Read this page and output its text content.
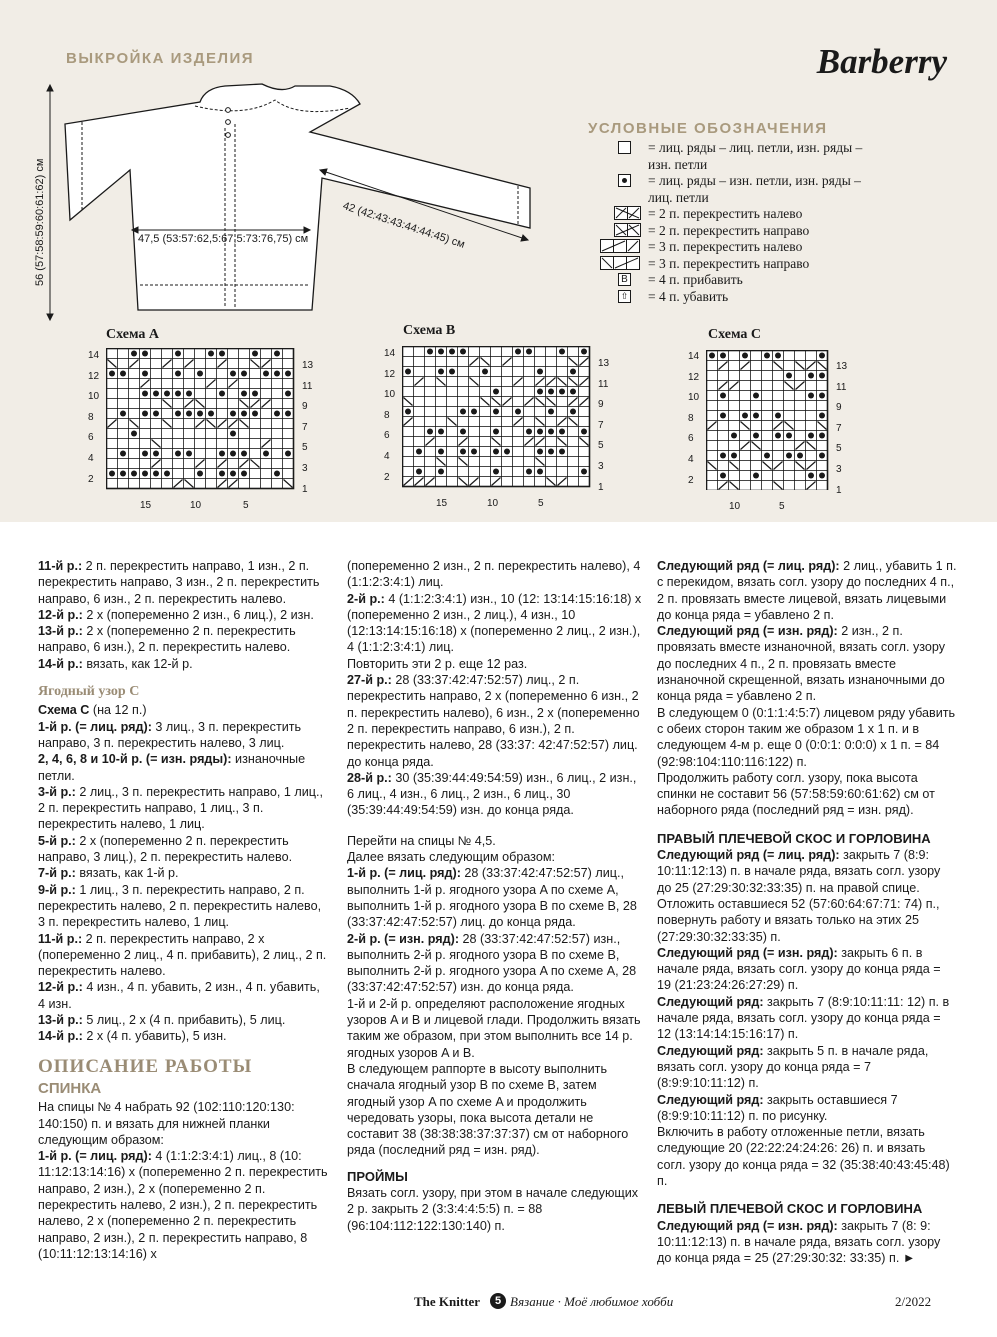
ВЫКРОЙКА ИЗДЕЛИЯ	Barberry
47,5 (53:57:62,5:67,5:73:76,75) см	42 (42:43:43:44:44:45) см
56 (57:58:59:60:61:62) см
УСЛОВНЫЕ ОБОЗНАЧЕНИЯ
= лиц. ряды – лиц. петли, изн. ряды – изн. петли
= лиц. ряды – изн. петли, изн. ряды – лиц. петли
= 2 п. перекрестить налево
= 2 п. перекрестить направо
= 3 п. перекрестить налево
= 3 п. перекрестить направо
B = 4 п. прибавить
⇧ = 4 п. убавить
Схема A	Схема B	Схема C
14
12
10
8
6
4
2
13
11
9
7
5
3
1
15	10	5
14
12
10
8
6
4
2
13
11
9
7
5
3
1
15	10	5
14
12
10
8
6
4
2
13
11
9
7
5
3
1
10	5

11-й р.: 2 п. перекрестить направо, 1 изн., 2 п. перекрестить направо, 3 изн., 2 п. перекрестить направо, 6 изн., 2 п. перекрестить налево.

12-й р.: 2 х (попеременно 2 изн., 6 лиц.), 2 изн.

13-й р.: 2 х (попеременно 2 п. перекрестить направо, 6 изн.), 2 п. перекрестить налево.

14-й р.: вязать, как 12-й р.

Ягодный узор С

Схема С (на 12 п.)

1-й р. (= лиц. ряд): 3 лиц., 3 п. перекрестить направо, 3 п. перекрестить налево, 3 лиц.

2, 4, 6, 8 и 10-й р. (= изн. ряды): изнаночные петли.

3-й р.: 2 лиц., 3 п. перекрестить направо, 1 лиц., 2 п. перекрестить направо, 1 лиц., 3 п. перекрестить налево, 1 лиц.

5-й р.: 2 х (попеременно 2 п. перекрестить направо, 3 лиц.), 2 п. перекрестить налево.

7-й р.: вязать, как 1-й р.

9-й р.: 1 лиц., 3 п. перекрестить направо, 2 п. перекрестить налево, 2 п. перекрестить налево, 3 п. перекрестить налево, 1 лиц.

11-й р.: 2 п. перекрестить направо, 2 х (попеременно 2 лиц., 4 п. прибавить), 2 лиц., 2 п. перекрестить налево.

12-й р.: 4 изн., 4 п. убавить, 2 изн., 4 п. убавить, 4 изн.

13-й р.: 5 лиц., 2 х (4 п. прибавить), 5 лиц.

14-й р.: 2 х (4 п. убавить), 5 изн.

ОПИСАНИЕ РАБОТЫ
СПИНКА

На спицы № 4 набрать 92 (102:110:120:130: 140:150) п. и вязать для нижней планки следующим образом:

1-й р. (= лиц. ряд): 4 (1:1:2:3:4:1) лиц., 8 (10: 11:12:13:14:16) х (попеременно 2 п. перекрестить направо, 2 изн.), 2 х (попеременно 2 п. перекрестить налево, 2 изн.), 2 п. перекрестить налево, 2 х (попеременно 2 п. перекрестить направо, 2 изн.), 2 п. перекрестить направо, 8 (10:11:12:13:14:16) х

(попеременно 2 изн., 2 п. перекрестить налево), 4 (1:1:2:3:4:1) лиц.

2-й р.: 4 (1:1:2:3:4:1) изн., 10 (12: 13:14:15:16:18) х (попеременно 2 изн., 2 лиц.), 4 изн., 10 (12:13:14:15:16:18) х (попеременно 2 лиц., 2 изн.), 4 (1:1:2:3:4:1) лиц.

Повторить эти 2 р. еще 12 раз.

27-й р.: 28 (33:37:42:47:52:57) лиц., 2 п. перекрестить направо, 2 х (попеременно 6 изн., 2 п. перекрестить налево), 6 изн., 2 х (попеременно 2 п. перекрестить направо, 6 изн.), 2 п. перекрестить налево, 28 (33:37: 42:47:52:57) лиц. до конца ряда.

28-й р.: 30 (35:39:44:49:54:59) изн., 6 лиц., 2 изн., 6 лиц., 4 изн., 6 лиц., 2 изн., 6 лиц., 30 (35:39:44:49:54:59) изн. до конца ряда.

Перейти на спицы № 4,5.

Далее вязать следующим образом:

1-й р. (= лиц. ряд): 28 (33:37:42:47:52:57) лиц., выполнить 1-й р. ягодного узора A по схеме A, выполнить 1-й р. ягодного узора B по схеме B, 28 (33:37:42:47:52:57) лиц. до конца ряда.

2-й р. (= изн. ряд): 28 (33:37:42:47:52:57) изн., выполнить 2-й р. ягодного узора B по схеме B, выполнить 2-й р. ягодного узора A по схеме A, 28 (33:37:42:47:52:57) изн. до конца ряда.

1-й и 2-й р. определяют расположение ягодных узоров A и B и лицевой глади. Продолжить вязать таким же образом, при этом выполнить все 14 р. ягодных узоров A и B.

В следующем раппорте в высоту выполнить сначала ягодный узор B по схеме B, затем ягодный узор A по схеме A и продолжить чередовать узоры, пока высота детали не составит 38 (38:38:38:37:37:37) см от наборного ряда (последний ряд = изн. ряд).

ПРОЙМЫ

Вязать согл. узору, при этом в начале следующих 2 р. закрыть 2 (3:3:4:4:5:5) п. = 88 (96:104:112:122:130:140) п.

Следующий ряд (= лиц. ряд): 2 лиц., убавить 1 п. с перекидом, вязать согл. узору до последних 4 п., 2 п. провязать вместе лицевой, вязать лицевыми до конца ряда = убавлено 2 п.

Следующий ряд (= изн. ряд): 2 изн., 2 п. провязать вместе изнаночной, вязать согл. узору до последних 4 п., 2 п. провязать вместе изнаночной скрещенной, вязать изнаночными до конца ряда = убавлено 2 п.

В следующем 0 (0:1:1:4:5:7) лицевом ряду убавить с обеих сторон таким же образом 1 х 1 п. и в следующем 4-м р. еще 0 (0:0:1: 0:0:0) х 1 п. = 84 (92:98:104:110:116:122) п.

Продолжить работу согл. узору, пока высота спинки не составит 56 (57:58:59:60:61:62) см от наборного ряда (последний ряд = изн. ряд).

ПРАВЫЙ ПЛЕЧЕВОЙ СКОС И ГОРЛОВИНА

Следующий ряд (= лиц. ряд): закрыть 7 (8:9: 10:11:12:13) п. в начале ряда, вязать согл. узору до 25 (27:29:30:32:33:35) п. на правой спице. Отложить оставшиеся 52 (57:60:64:67:71: 74) п., повернуть работу и вязать только на этих 25 (27:29:30:32:33:35) п.

Следующий ряд (= изн. ряд): закрыть 6 п. в начале ряда, вязать согл. узору до конца ряда = 19 (21:23:24:26:27:29) п.

Следующий ряд: закрыть 7 (8:9:10:11:11: 12) п. в начале ряда, вязать согл. узору до конца ряда = 12 (13:14:14:15:16:17) п.

Следующий ряд: закрыть 5 п. в начале ряда, вязать согл. узору до конца ряда = 7 (8:9:9:10:11:12) п.

Следующий ряд: закрыть оставшиеся 7 (8:9:9:10:11:12) п. по рисунку.

Включить в работу отложенные петли, вязать следующие 20 (22:22:24:24:26: 26) п. и вязать согл. узору до конца ряда = 32 (35:38:40:43:45:48) п.

ЛЕВЫЙ ПЛЕЧЕВОЙ СКОС И ГОРЛОВИНА

Следующий ряд (= изн. ряд): закрыть 7 (8: 9: 10:11:12:13) п. в начале ряда, вязать согл. узору до конца ряда = 25 (27:29:30:32: 33:35) п. ►

The Knitter	5 Вязание · Моё любимое хобби	2/2022
